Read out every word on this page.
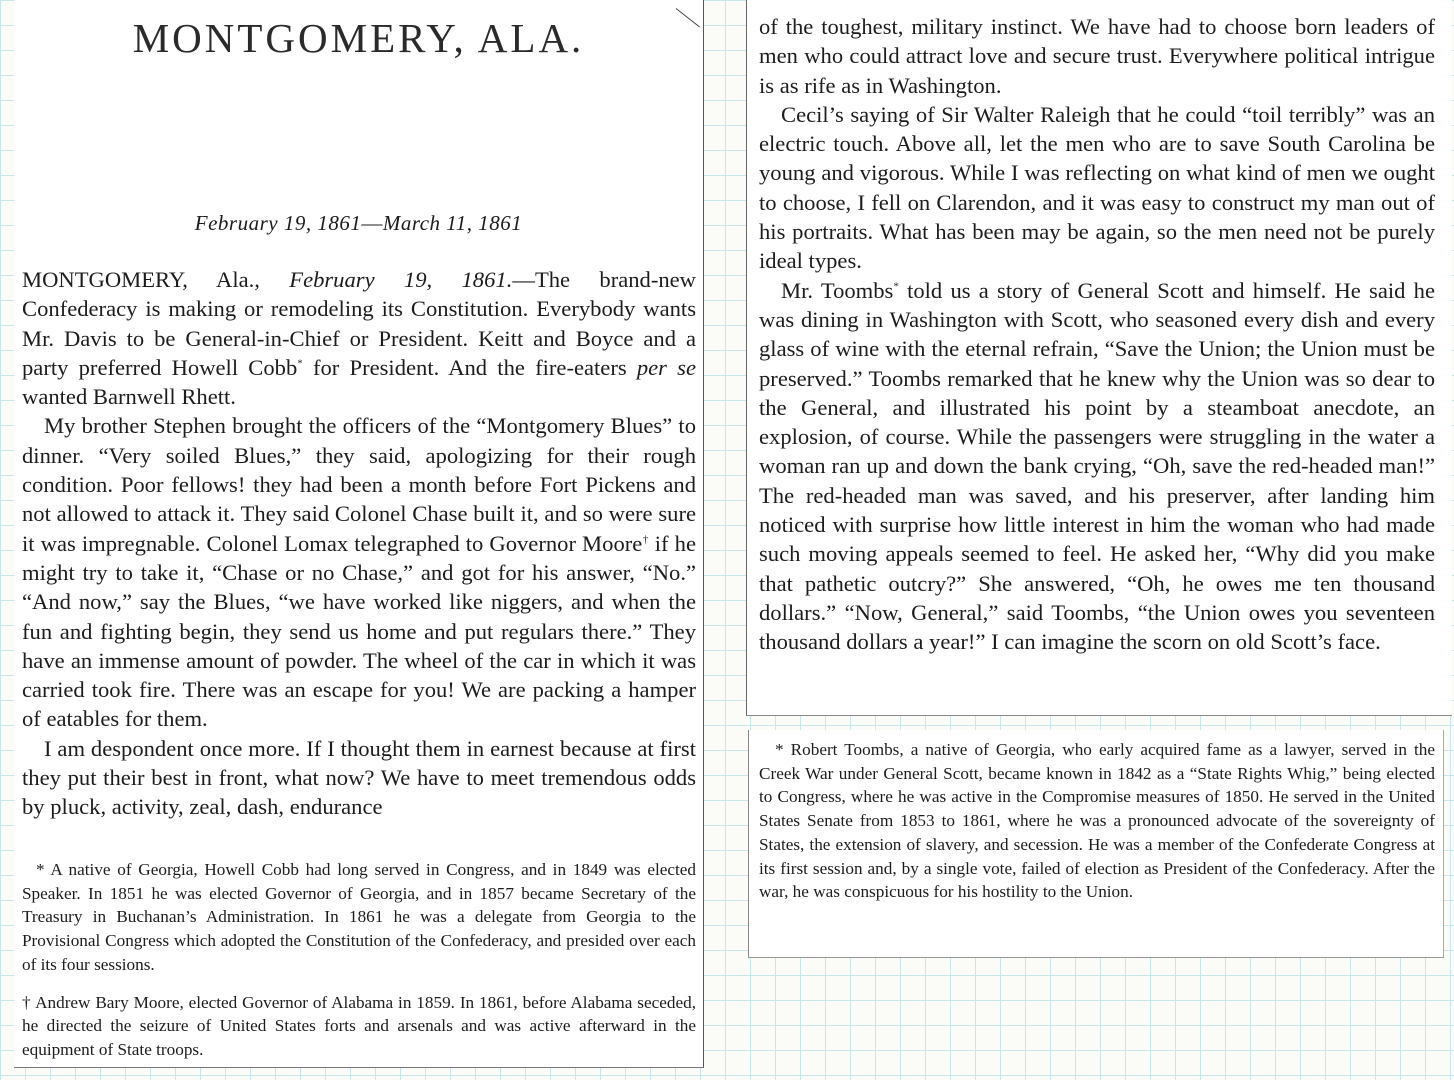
MONTGOMERY, ALA.
February 19, 1861—March 11, 1861

MONTGOMERY, Ala., February 19, 1861.—The brand-new Confederacy is making or remodeling its Constitution. Everybody wants Mr. Davis to be General-in-Chief or President. Keitt and Boyce and a party preferred Howell Cobb* for President. And the fire-eaters per se wanted Barnwell Rhett.

My brother Stephen brought the officers of the “Montgomery Blues” to dinner. “Very soiled Blues,” they said, apologizing for their rough condition. Poor fellows! they had been a month before Fort Pickens and not allowed to attack it. They said Colonel Chase built it, and so were sure it was impregnable. Colonel Lomax telegraphed to Governor Moore† if he might try to take it, “Chase or no Chase,” and got for his answer, “No.” “And now,” say the Blues, “we have worked like niggers, and when the fun and fighting begin, they send us home and put regulars there.” They have an immense amount of powder. The wheel of the car in which it was carried took fire. There was an escape for you! We are packing a hamper of eatables for them.

I am despondent once more. If I thought them in earnest because at first they put their best in front, what now? We have to meet tremendous odds by pluck, activity, zeal, dash, endurance

* A native of Georgia, Howell Cobb had long served in Congress, and in 1849 was elected Speaker. In 1851 he was elected Governor of Georgia, and in 1857 became Secretary of the Treasury in Buchanan’s Administration. In 1861 he was a delegate from Georgia to the Provisional Congress which adopted the Constitution of the Confederacy, and presided over each of its four sessions.

† Andrew Bary Moore, elected Governor of Alabama in 1859. In 1861, before Alabama seceded, he directed the seizure of United States forts and arsenals and was active afterward in the equipment of State troops.

of the toughest, military instinct. We have had to choose born leaders of men who could attract love and secure trust. Everywhere political intrigue is as rife as in Washington.

Cecil’s saying of Sir Walter Raleigh that he could “toil terribly” was an electric touch. Above all, let the men who are to save South Carolina be young and vigorous. While I was reflecting on what kind of men we ought to choose, I fell on Clarendon, and it was easy to construct my man out of his portraits. What has been may be again, so the men need not be purely ideal types.

Mr. Toombs* told us a story of General Scott and himself. He said he was dining in Washington with Scott, who seasoned every dish and every glass of wine with the eternal refrain, “Save the Union; the Union must be preserved.” Toombs remarked that he knew why the Union was so dear to the General, and illustrated his point by a steamboat anecdote, an explosion, of course. While the passengers were struggling in the water a woman ran up and down the bank crying, “Oh, save the red-headed man!” The red-headed man was saved, and his preserver, after landing him noticed with surprise how little interest in him the woman who had made such moving appeals seemed to feel. He asked her, “Why did you make that pathetic outcry?” She answered, “Oh, he owes me ten thousand dollars.” “Now, General,” said Toombs, “the Union owes you seventeen thousand dollars a year!” I can imagine the scorn on old Scott’s face.

* Robert Toombs, a native of Georgia, who early acquired fame as a lawyer, served in the Creek War under General Scott, became known in 1842 as a “State Rights Whig,” being elected to Congress, where he was active in the Compromise measures of 1850. He served in the United States Senate from 1853 to 1861, where he was a pronounced advocate of the sovereignty of States, the extension of slavery, and secession. He was a member of the Confederate Congress at its first session and, by a single vote, failed of election as President of the Confederacy. After the war, he was conspicuous for his hostility to the Union.
